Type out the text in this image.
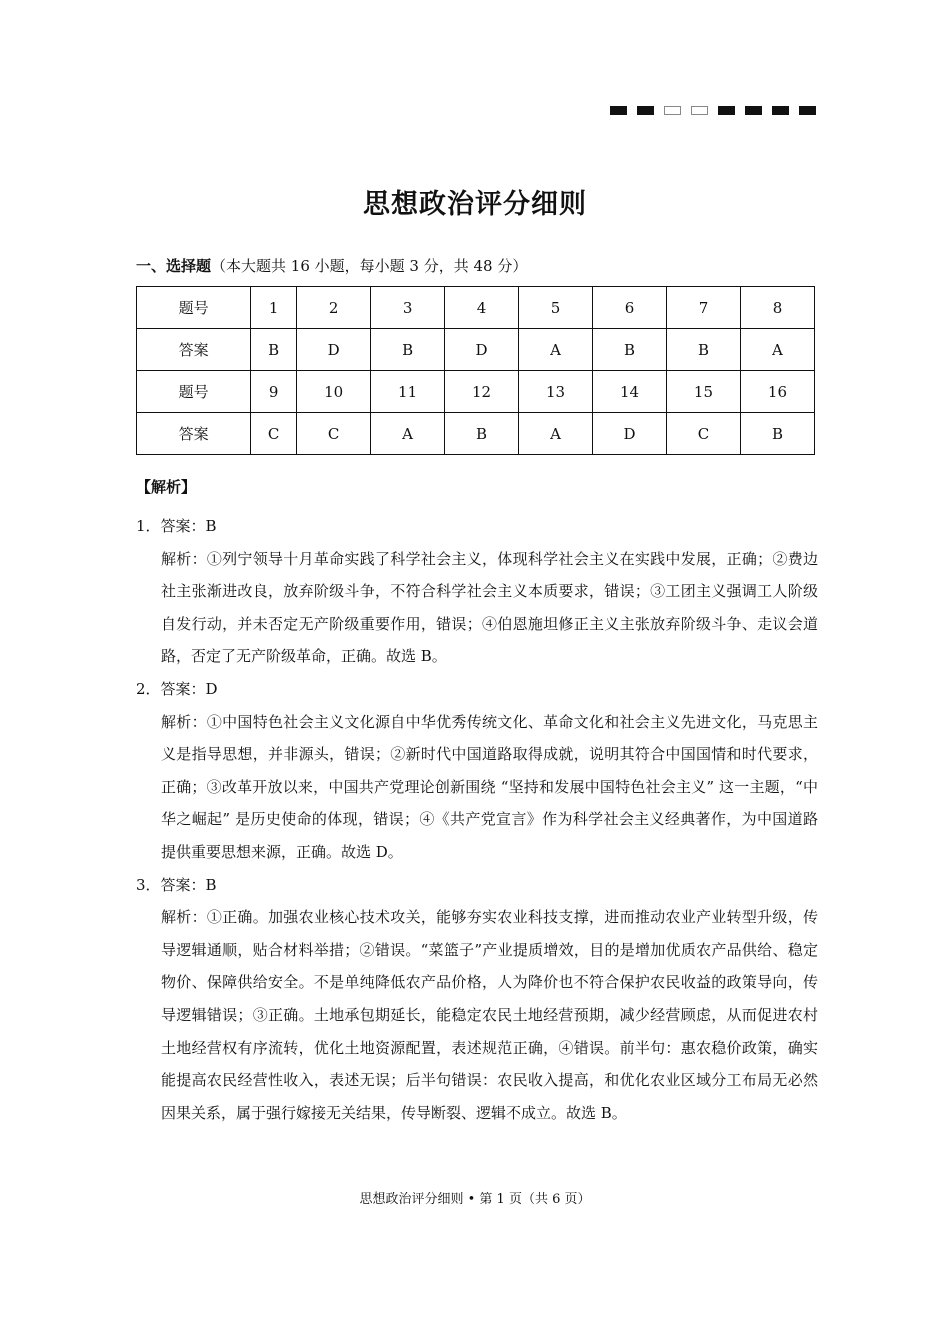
思想政治评分细则
一、选择题（本大题共 16 小题，每小题 3 分，共 48 分）
题号	1	2	3	4	5	6	7	8
答案	B	D	B	D	A	B	B	A
题号	9	10	11	12	13	14	15	16
答案	C	C	A	B	A	D	C	B
【解析】

1．答案：B

解析：①列宁领导十月革命实践了科学社会主义，体现科学社会主义在实践中发展，正确；②费边社主张渐进改良，放弃阶级斗争，不符合科学社会主义本质要求，错误；③工团主义强调工人阶级自发行动，并未否定无产阶级重要作用，错误；④伯恩施坦修正主义主张放弃阶级斗争、走议会道路，否定了无产阶级革命，正确。故选 B。

2．答案：D

解析：①中国特色社会主义文化源自中华优秀传统文化、革命文化和社会主义先进文化，马克思主义是指导思想，并非源头，错误；②新时代中国道路取得成就，说明其符合中国国情和时代要求，正确；③改革开放以来，中国共产党理论创新围绕 “坚持和发展中国特色社会主义” 这一主题，“中华之崛起” 是历史使命的体现，错误；④《共产党宣言》作为科学社会主义经典著作，为中国道路提供重要思想来源，正确。故选 D。

3．答案：B

解析：①正确。加强农业核心技术攻关，能够夯实农业科技支撑，进而推动农业产业转型升级，传导逻辑通顺，贴合材料举措；②错误。“菜篮子”产业提质增效，目的是增加优质农产品供给、稳定物价、保障供给安全。不是单纯降低农产品价格，人为降价也不符合保护农民收益的政策导向，传导逻辑错误；③正确。土地承包期延长，能稳定农民土地经营预期，减少经营顾虑，从而促进农村土地经营权有序流转，优化土地资源配置，表述规范正确，④错误。前半句：惠农稳价政策，确实能提高农民经营性收入，表述无误；后半句错误：农民收入提高，和优化农业区域分工布局无必然因果关系，属于强行嫁接无关结果，传导断裂、逻辑不成立。故选 B。

思想政治评分细则 • 第 1 页（共 6 页）
